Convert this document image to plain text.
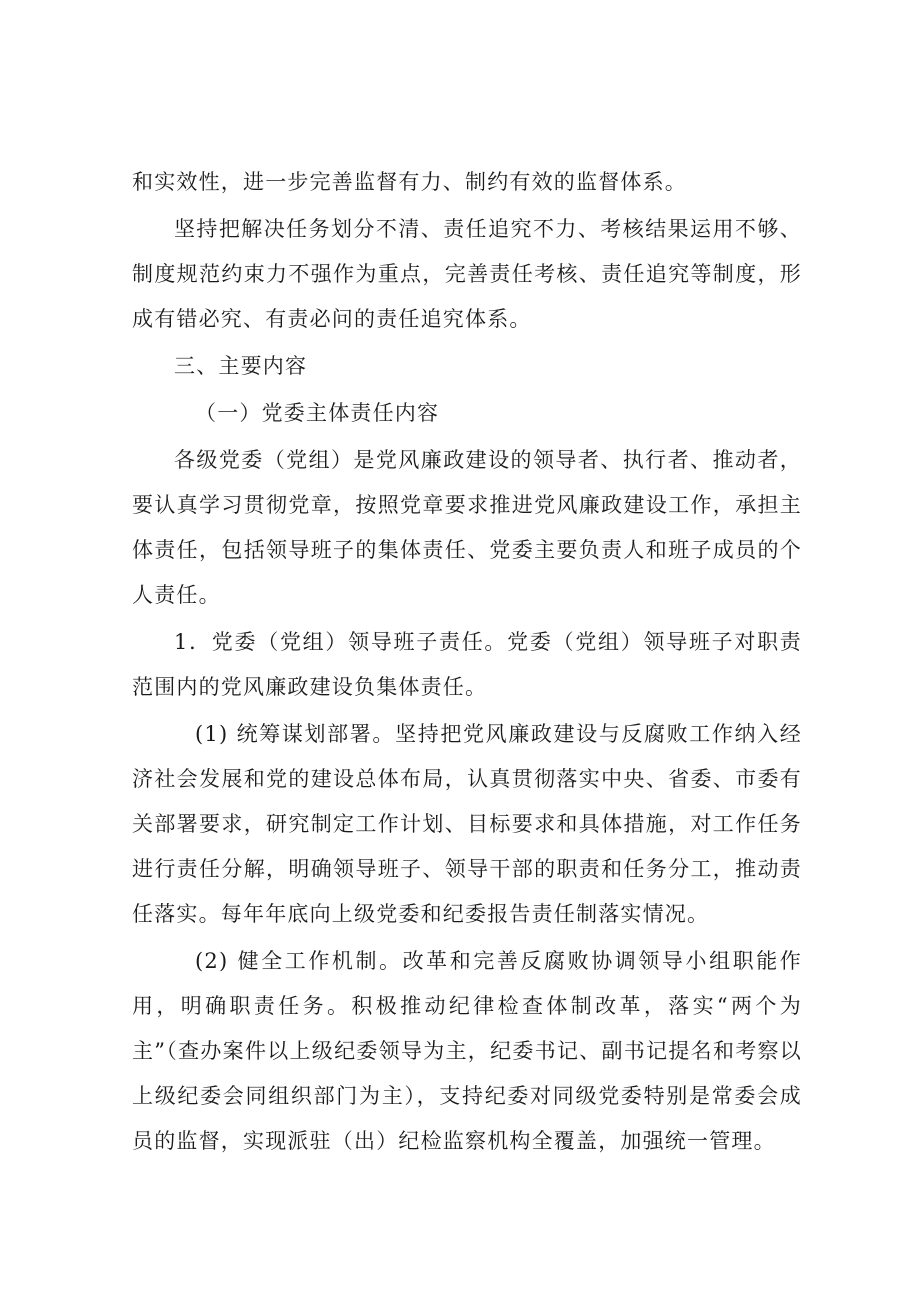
和实效性，进一步完善监督有力、制约有效的监督体系。

坚持把解决任务划分不清、责任追究不力、考核结果运用不够、制度规范约束力不强作为重点，完善责任考核、责任追究等制度，形成有错必究、有责必问的责任追究体系。

三、主要内容

（一）党委主体责任内容

各级党委（党组）是党风廉政建设的领导者、执行者、推动者，要认真学习贯彻党章，按照党章要求推进党风廉政建设工作，承担主体责任，包括领导班子的集体责任、党委主要负责人和班子成员的个人责任。

1．党委（党组）领导班子责任。党委（党组）领导班子对职责范围内的党风廉政建设负集体责任。

(1) 统筹谋划部署。坚持把党风廉政建设与反腐败工作纳入经济社会发展和党的建设总体布局，认真贯彻落实中央、省委、市委有关部署要求，研究制定工作计划、目标要求和具体措施，对工作任务进行责任分解，明确领导班子、领导干部的职责和任务分工，推动责任落实。每年年底向上级党委和纪委报告责任制落实情况。

(2) 健全工作机制。改革和完善反腐败协调领导小组职能作用，明确职责任务。积极推动纪律检查体制改革，落实“两个为主”（查办案件以上级纪委领导为主，纪委书记、副书记提名和考察以上级纪委会同组织部门为主），支持纪委对同级党委特别是常委会成员的监督，实现派驻（出）纪检监察机构全覆盖，加强统一管理。
